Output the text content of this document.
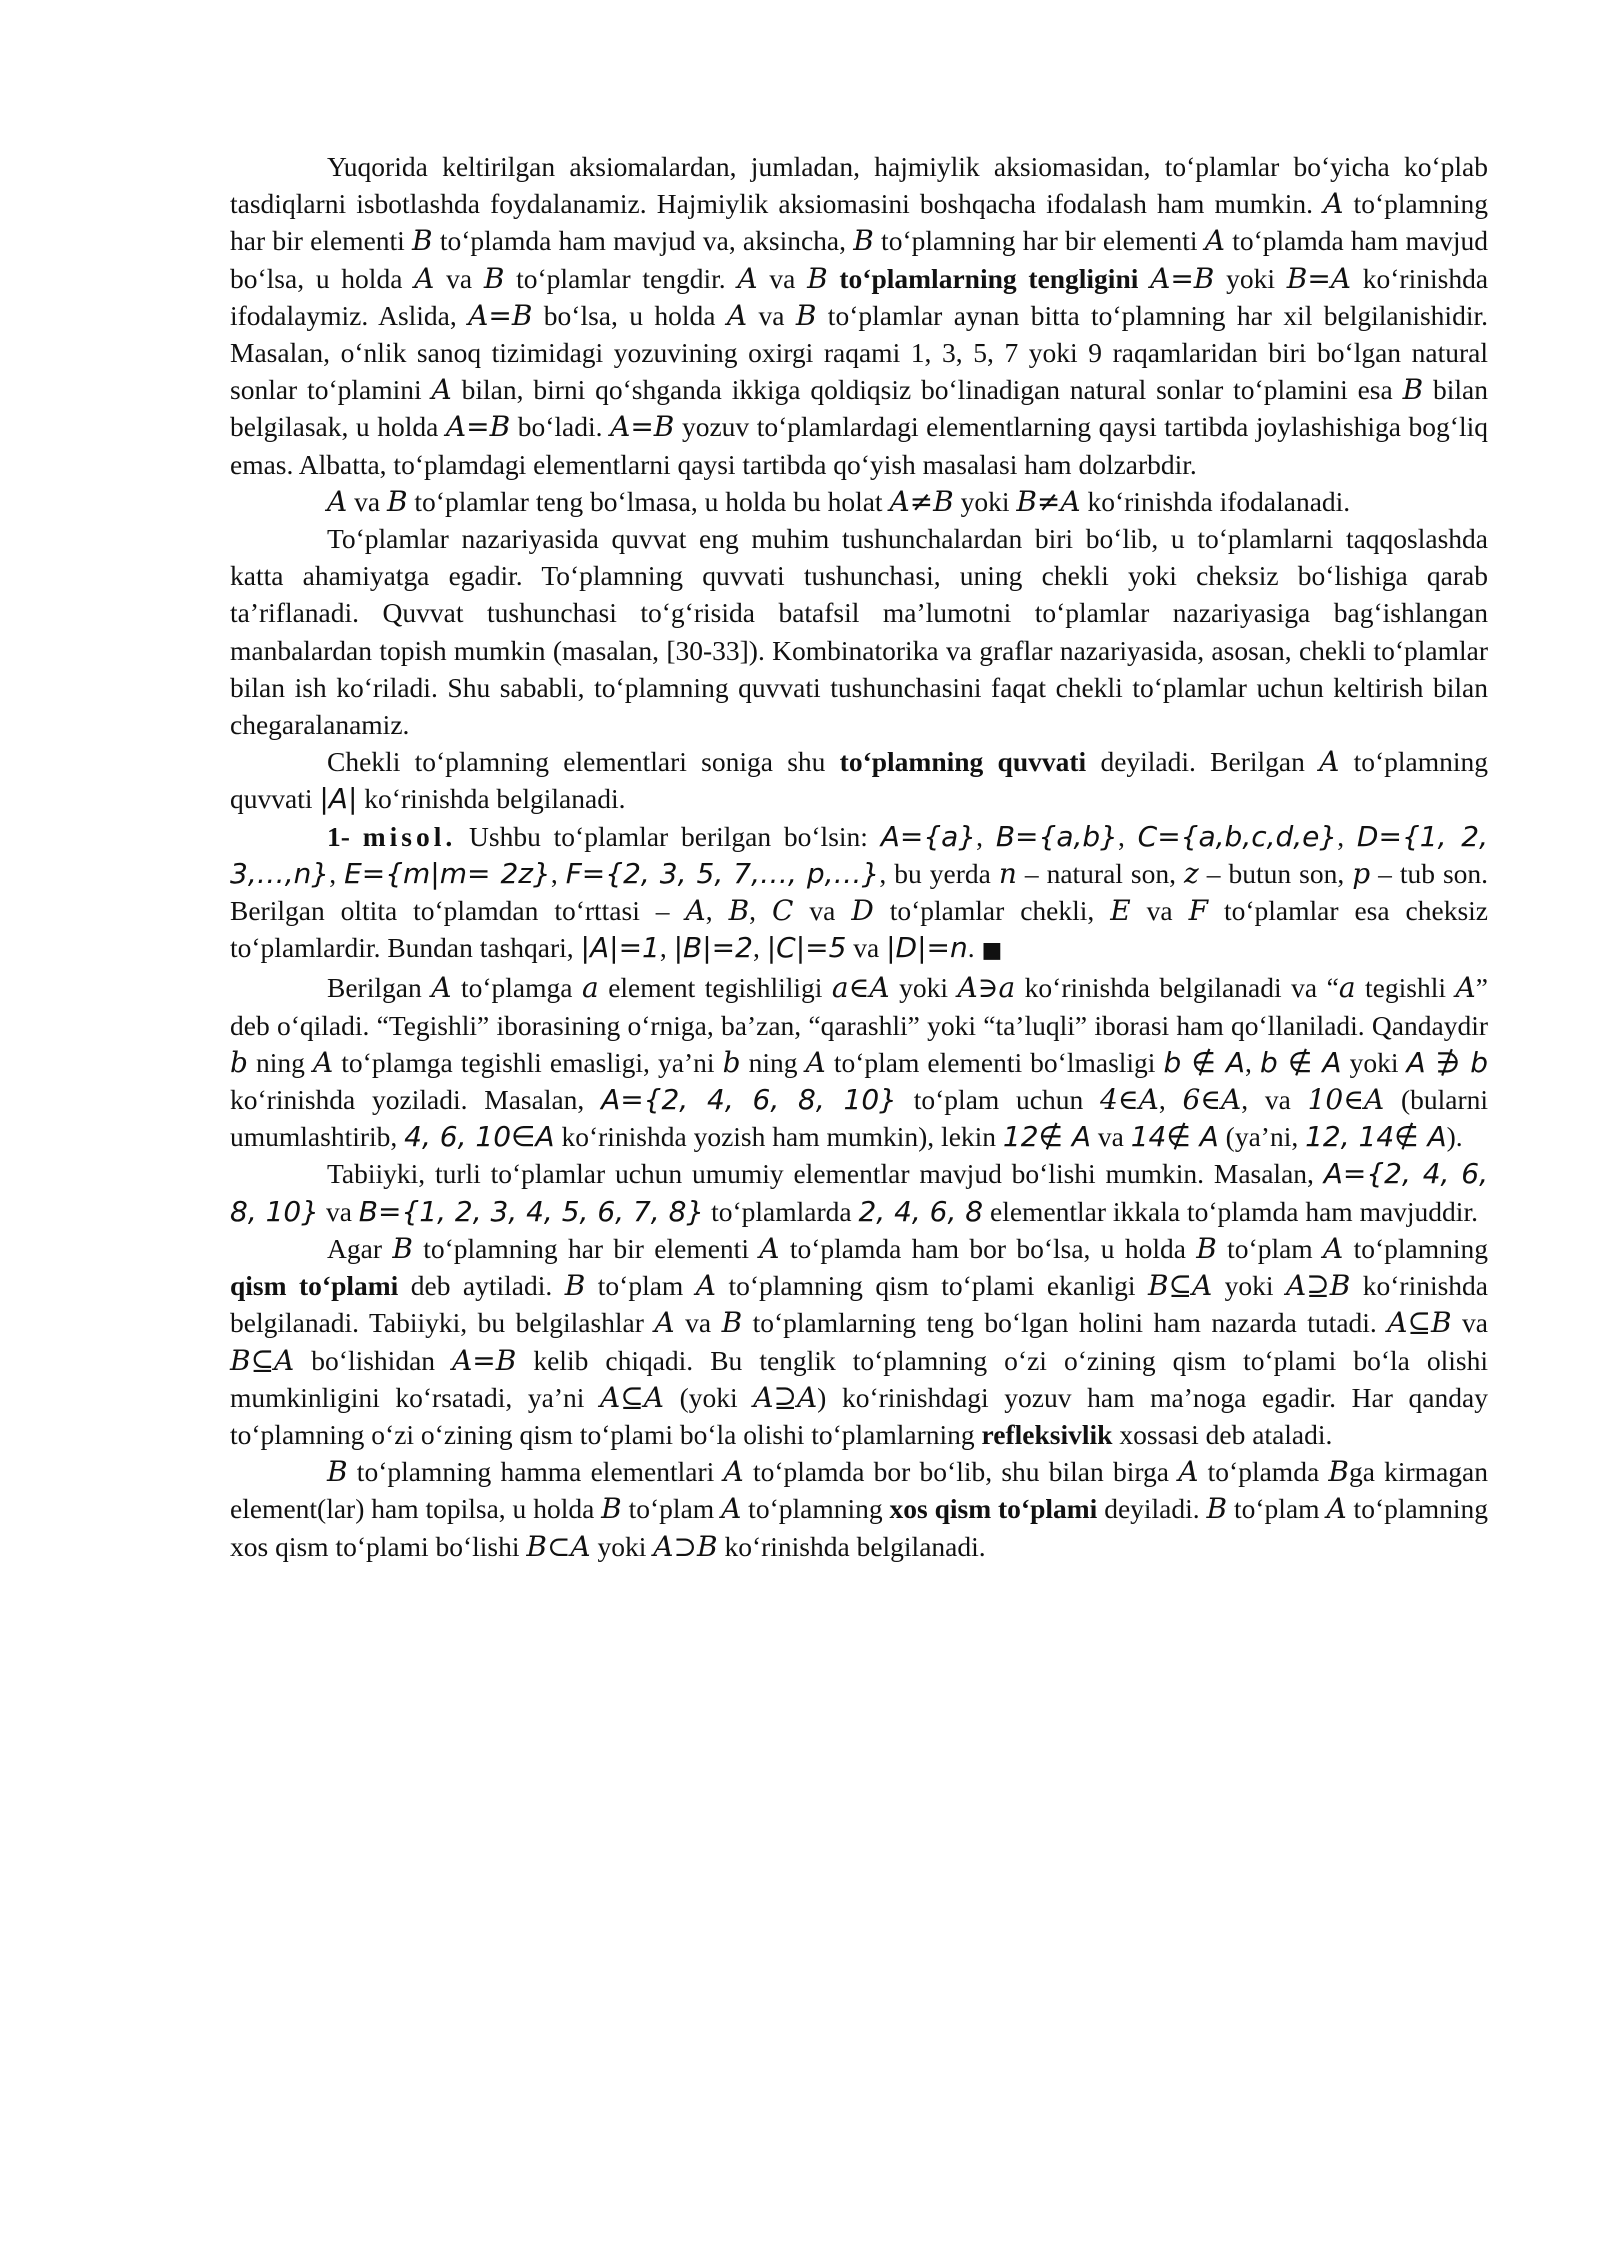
Yuqorida keltirilgan aksiomalardan, jumladan, hajmiylik aksiomasidan, to‘plamlar bo‘yicha ko‘plab tasdiqlarni isbotlashda foydalanamiz. Hajmiylik aksiomasini boshqacha ifodalash ham mumkin. A to‘plamning har bir elementi B to‘plamda ham mavjud va, aksincha, B to‘plamning har bir elementi A to‘plamda ham mavjud bo‘lsa, u holda A va B to‘plamlar tengdir. A va B to‘plamlarning tengligini A=B yoki B=A ko‘rinishda ifodalaymiz. Aslida, A=B bo‘lsa, u holda A va B to‘plamlar aynan bitta to‘plamning har xil belgilanishidir. Masalan, o‘nlik sanoq tizimidagi yozuvining oxirgi raqami 1, 3, 5, 7 yoki 9 raqamlaridan biri bo‘lgan natural sonlar to‘plamini A bilan, birni qo‘shganda ikkiga qoldiqsiz bo‘linadigan natural sonlar to‘plamini esa B bilan belgilasak, u holda A=B bo‘ladi. A=B yozuv to‘plamlardagi elementlarning qaysi tartibda joylashishiga bog‘liq emas. Albatta, to‘plamdagi elementlarni qaysi tartibda qo‘yish masalasi ham dolzarbdir.

A va B to‘plamlar teng bo‘lmasa, u holda bu holat A≠B yoki B≠A ko‘rinishda ifodalanadi.

To‘plamlar nazariyasida quvvat eng muhim tushunchalardan biri bo‘lib, u to‘plamlarni taqqoslashda katta ahamiyatga egadir. To‘plamning quvvati tushunchasi, uning chekli yoki cheksiz bo‘lishiga qarab ta’riflanadi. Quvvat tushunchasi to‘g‘risida batafsil ma’lumotni to‘plamlar nazariyasiga bag‘ishlangan manbalardan topish mumkin (masalan, [30-33]). Kombinatorika va graflar nazariyasida, asosan, chekli to‘plamlar bilan ish ko‘riladi. Shu sababli, to‘plamning quvvati tushunchasini faqat chekli to‘plamlar uchun keltirish bilan chegaralanamiz.

Chekli to‘plamning elementlari soniga shu to‘plamning quvvati deyiladi. Berilgan A to‘plamning quvvati |A| ko‘rinishda belgilanadi.

1- misol. Ushbu to‘plamlar berilgan bo‘lsin: A={a}, B={a,b}, C={a,b,c,d,e}, D={1, 2, 3,…,n}, E={m|m= 2z}, F={2, 3, 5, 7,…, p,…}, bu yerda n – natural son, z – butun son, p – tub son. Berilgan oltita to‘plamdan to‘rttasi – A, B, C va D to‘plamlar chekli, E va F to‘plamlar esa cheksiz to‘plamlardir. Bundan tashqari, |A|=1, |B|=2, |C|=5 va |D|=n. ■

Berilgan A to‘plamga a element tegishliligi a∈A yoki A∋a ko‘rinishda belgilanadi va “a tegishli A” deb o‘qiladi. “Tegishli” iborasining o‘rniga, ba’zan, “qarashli” yoki “ta’luqli” iborasi ham qo‘llaniladi. Qandaydir b ning A to‘plamga tegishli emasligi, ya’ni b ning A to‘plam elementi bo‘lmasligi b ∉ A, b ∉ A yoki A ∌ b ko‘rinishda yoziladi. Masalan, A={2, 4, 6, 8, 10} to‘plam uchun 4∈A, 6∈A, va 10∈A (bularni umumlashtirib, 4, 6, 10∈A ko‘rinishda yozish ham mumkin), lekin 12∉ A va 14∉ A (ya’ni, 12, 14∉ A).

Tabiiyki, turli to‘plamlar uchun umumiy elementlar mavjud bo‘lishi mumkin. Masalan, A={2, 4, 6, 8, 10} va B={1, 2, 3, 4, 5, 6, 7, 8} to‘plamlarda 2, 4, 6, 8 elementlar ikkala to‘plamda ham mavjuddir.

Agar B to‘plamning har bir elementi A to‘plamda ham bor bo‘lsa, u holda B to‘plam A to‘plamning qism to‘plami deb aytiladi. B to‘plam A to‘plamning qism to‘plami ekanligi B⊆A yoki A⊇B ko‘rinishda belgilanadi. Tabiiyki, bu belgilashlar A va B to‘plamlarning teng bo‘lgan holini ham nazarda tutadi. A⊆B va B⊆A bo‘lishidan A=B kelib chiqadi. Bu tenglik to‘plamning o‘zi o‘zining qism to‘plami bo‘la olishi mumkinligini ko‘rsatadi, ya’ni A⊆A (yoki A⊇A) ko‘rinishdagi yozuv ham ma’noga egadir. Har qanday to‘plamning o‘zi o‘zining qism to‘plami bo‘la olishi to‘plamlarning refleksivlik xossasi deb ataladi.

B to‘plamning hamma elementlari A to‘plamda bor bo‘lib, shu bilan birga A to‘plamda Bga kirmagan element(lar) ham topilsa, u holda B to‘plam A to‘plamning xos qism to‘plami deyiladi. B to‘plam A to‘plamning xos qism to‘plami bo‘lishi B⊂A yoki A⊃B ko‘rinishda belgilanadi.
